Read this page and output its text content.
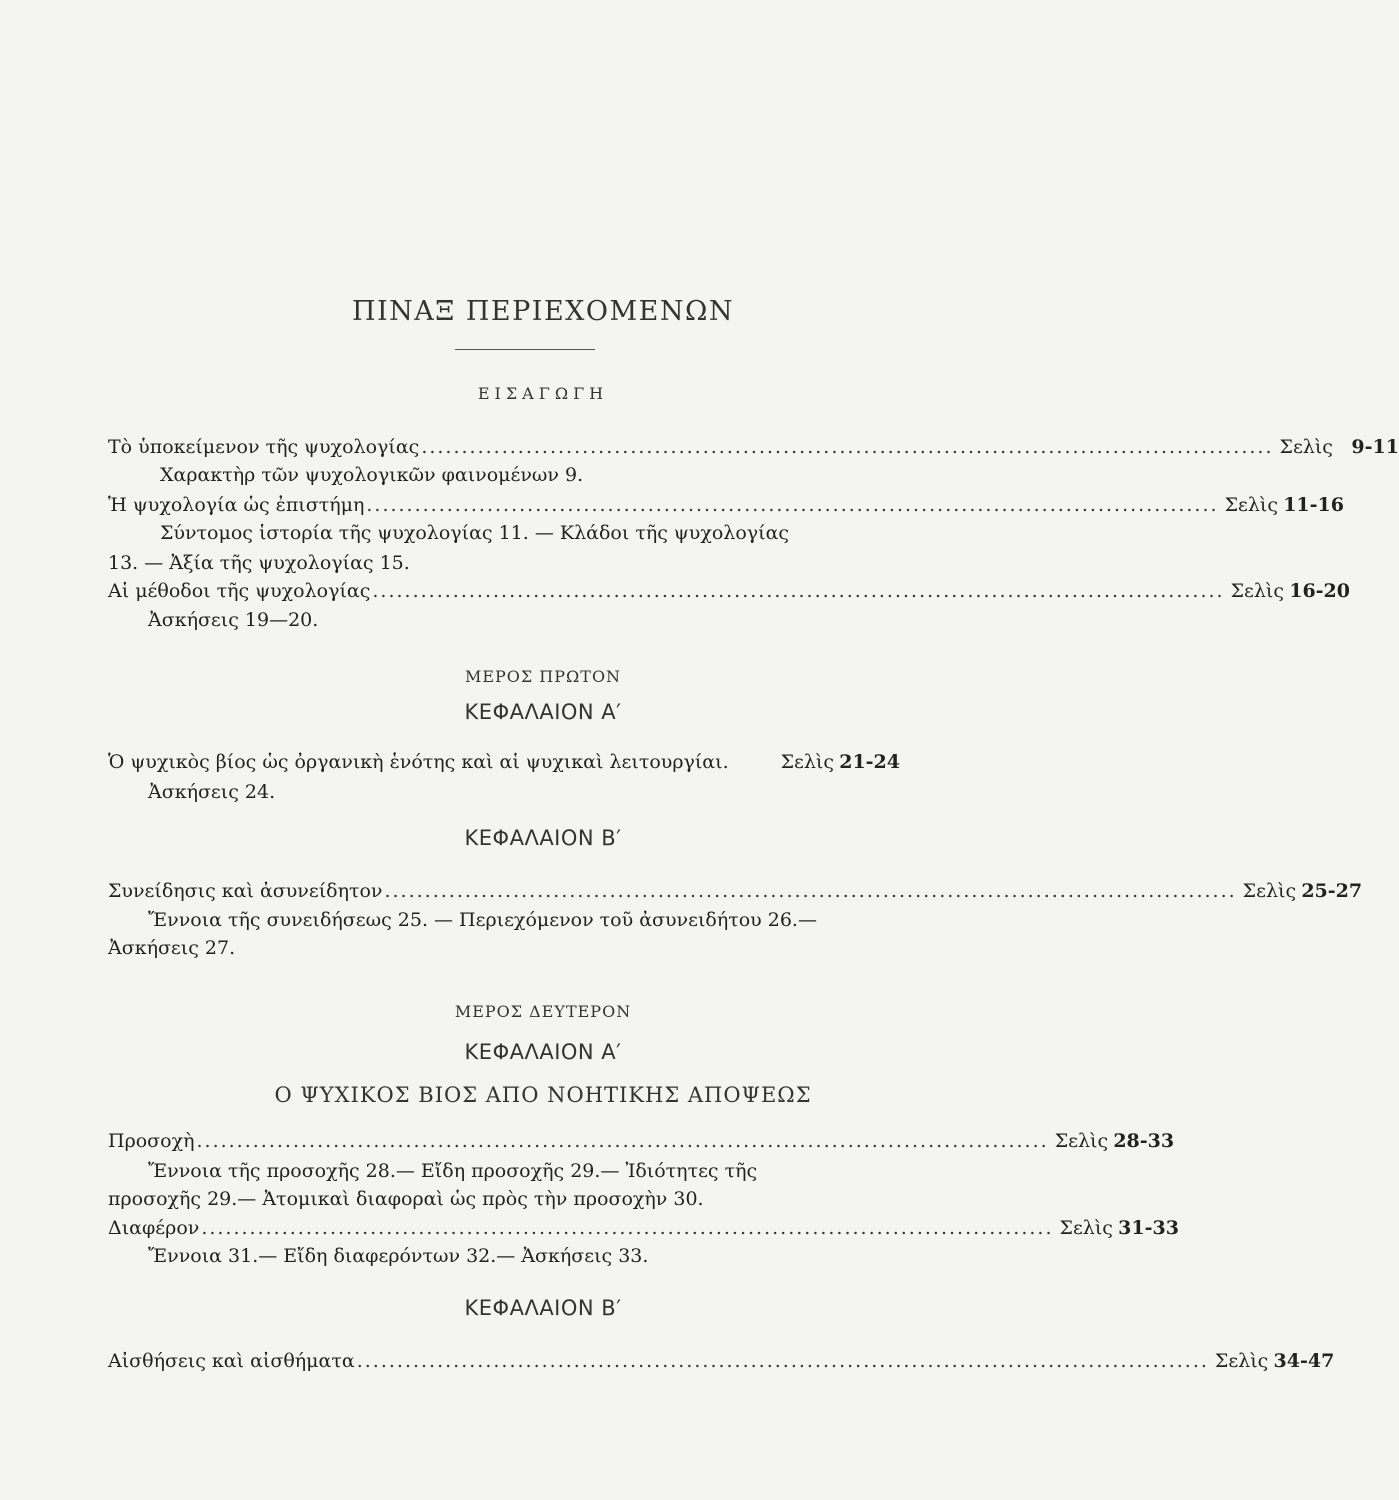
ΠΙΝΑΞ ΠΕΡΙΕΧΟΜΕΝΩΝ
ΕΙΣΑΓΩΓΗ
Τὸ ὑποκείμενον τῆς ψυχολογίας .......................................................................................................... Σελὶς 9-11
Χαρακτὴρ τῶν ψυχολογικῶν φαινομένων 9.
Ἡ ψυχολογία ὡς ἐπιστήμη .......................................................................................................... Σελὶς 11-16
Σύντομος ἱστορία τῆς ψυχολογίας 11. — Κλάδοι τῆς ψυχολογίας
13. — Ἀξία τῆς ψυχολογίας 15.
Αἱ μέθοδοι τῆς ψυχολογίας .......................................................................................................... Σελὶς 16-20
Ἀσκήσεις 19—20.
ΜΕΡΟΣ ΠΡΩΤΟΝ
ΚΕΦΑΛΑΙΟΝ Α′
Ὁ ψυχικὸς βίος ὡς ὀργανικὴ ἑνότης καὶ αἱ ψυχικαὶ λειτουργίαι.	Σελὶς 21-24
Ἀσκήσεις 24.
ΚΕΦΑΛΑΙΟΝ Β′
Συνείδησις καὶ ἀσυνείδητον .......................................................................................................... Σελὶς 25-27
Ἔννοια τῆς συνειδήσεως 25. — Περιεχόμενον τοῦ ἀσυνειδήτου 26.—
Ἀσκήσεις 27.
ΜΕΡΟΣ ΔΕΥΤΕΡΟΝ
ΚΕΦΑΛΑΙΟΝ Α′
Ο ΨΥΧΙΚΟΣ ΒΙΟΣ ΑΠΟ ΝΟΗΤΙΚΗΣ ΑΠΟΨΕΩΣ
Προσοχὴ .......................................................................................................... Σελὶς 28-33
Ἔννοια τῆς προσοχῆς 28.— Εἴδη προσοχῆς 29.— Ἰδιότητες τῆς
προσοχῆς 29.— Ἀτομικαὶ διαφοραὶ ὡς πρὸς τὴν προσοχὴν 30.
Διαφέρον .......................................................................................................... Σελὶς 31-33
Ἔννοια 31.— Εἴδη διαφερόντων 32.— Ἀσκήσεις 33.
ΚΕΦΑΛΑΙΟΝ Β′
Αἰσθήσεις καὶ αἰσθήματα .......................................................................................................... Σελὶς 34-47
